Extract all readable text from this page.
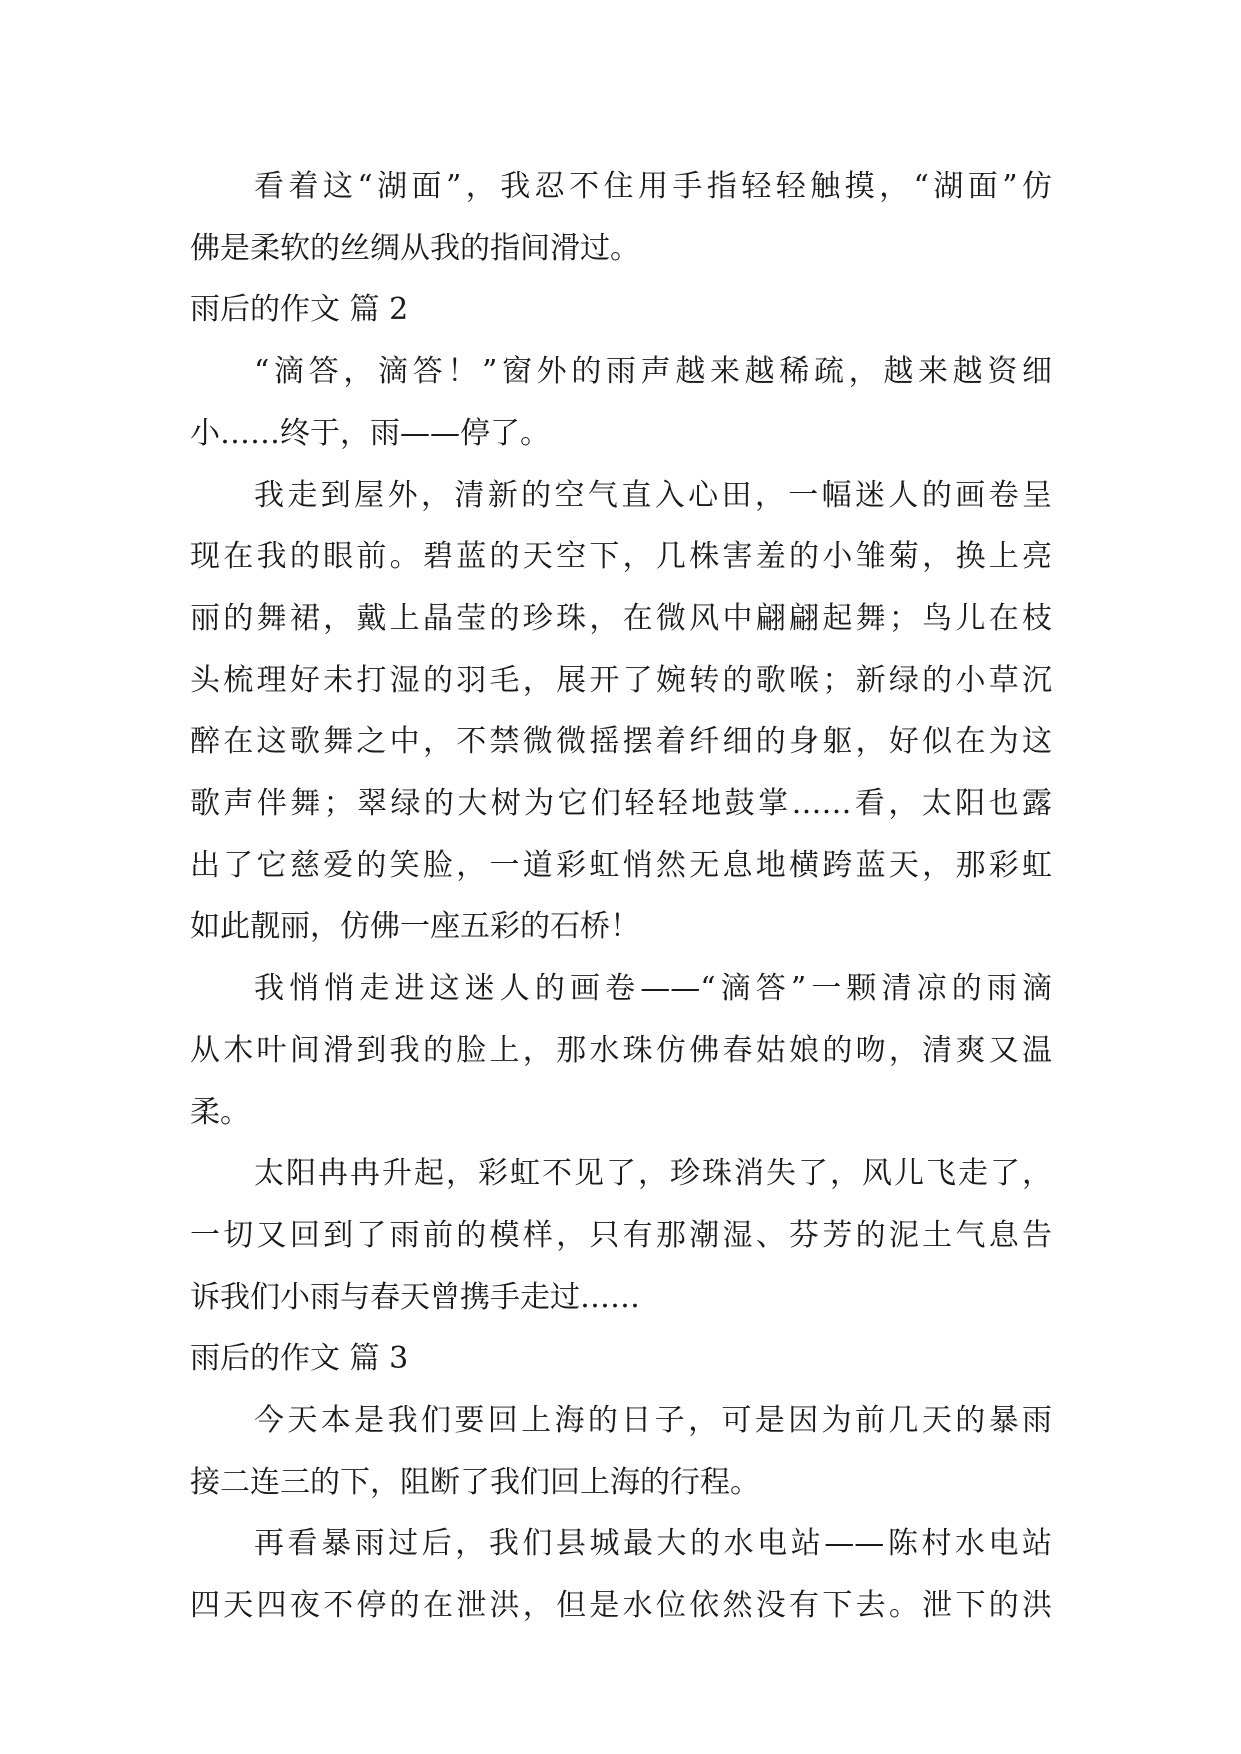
看着这“湖面”，我忍不住用手指轻轻触摸，“湖面”仿
佛是柔软的丝绸从我的指间滑过。
雨后的作文 篇 2
“滴答，滴答！”窗外的雨声越来越稀疏，越来越资细
小……终于，雨——停了。
我走到屋外，清新的空气直入心田，一幅迷人的画卷呈
现在我的眼前。碧蓝的天空下，几株害羞的小雏菊，换上亮
丽的舞裙，戴上晶莹的珍珠，在微风中翩翩起舞；鸟儿在枝
头梳理好未打湿的羽毛，展开了婉转的歌喉；新绿的小草沉
醉在这歌舞之中，不禁微微摇摆着纤细的身躯，好似在为这
歌声伴舞；翠绿的大树为它们轻轻地鼓掌……看，太阳也露
出了它慈爱的笑脸，一道彩虹悄然无息地横跨蓝天，那彩虹
如此靓丽，仿佛一座五彩的石桥！
我悄悄走进这迷人的画卷——“滴答”一颗清凉的雨滴
从木叶间滑到我的脸上，那水珠仿佛春姑娘的吻，清爽又温
柔。
太阳冉冉升起，彩虹不见了，珍珠消失了，风儿飞走了，
一切又回到了雨前的模样，只有那潮湿、芬芳的泥土气息告
诉我们小雨与春天曾携手走过……
雨后的作文 篇 3
今天本是我们要回上海的日子，可是因为前几天的暴雨
接二连三的下，阻断了我们回上海的行程。
再看暴雨过后，我们县城最大的水电站——陈村水电站
四天四夜不停的在泄洪，但是水位依然没有下去。泄下的洪
